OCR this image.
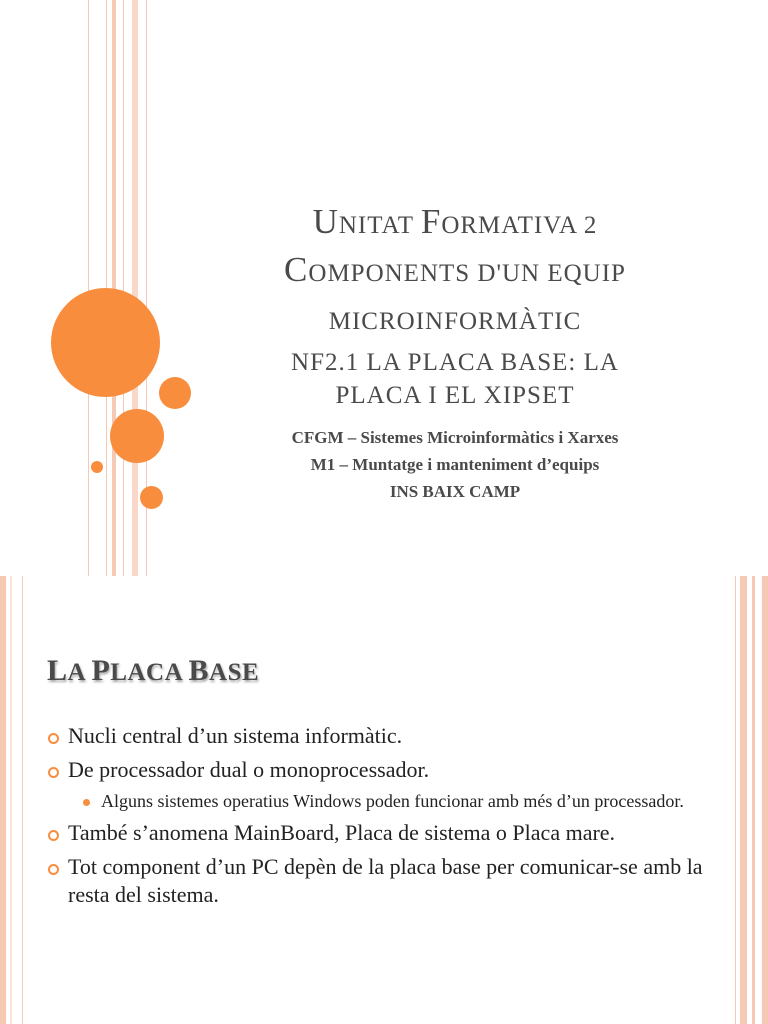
UNITAT FORMATIVA 2
COMPONENTS D'UN EQUIP
MICROINFORMÀTIC
NF2.1 LA PLACA BASE: LA
PLACA I EL XIPSET
CFGM – Sistemes Microinformàtics i Xarxes
M1 – Muntatge i manteniment d’equips
INS BAIX CAMP
LA PLACA BASE
Nucli central d’un sistema informàtic.
De processador dual o monoprocessador.
Alguns sistemes operatius Windows poden funcionar amb més d’un processador.
També s’anomena MainBoard, Placa de sistema o Placa mare.
Tot component d’un PC depèn de la placa base per comunicar-se amb la resta del sistema.
